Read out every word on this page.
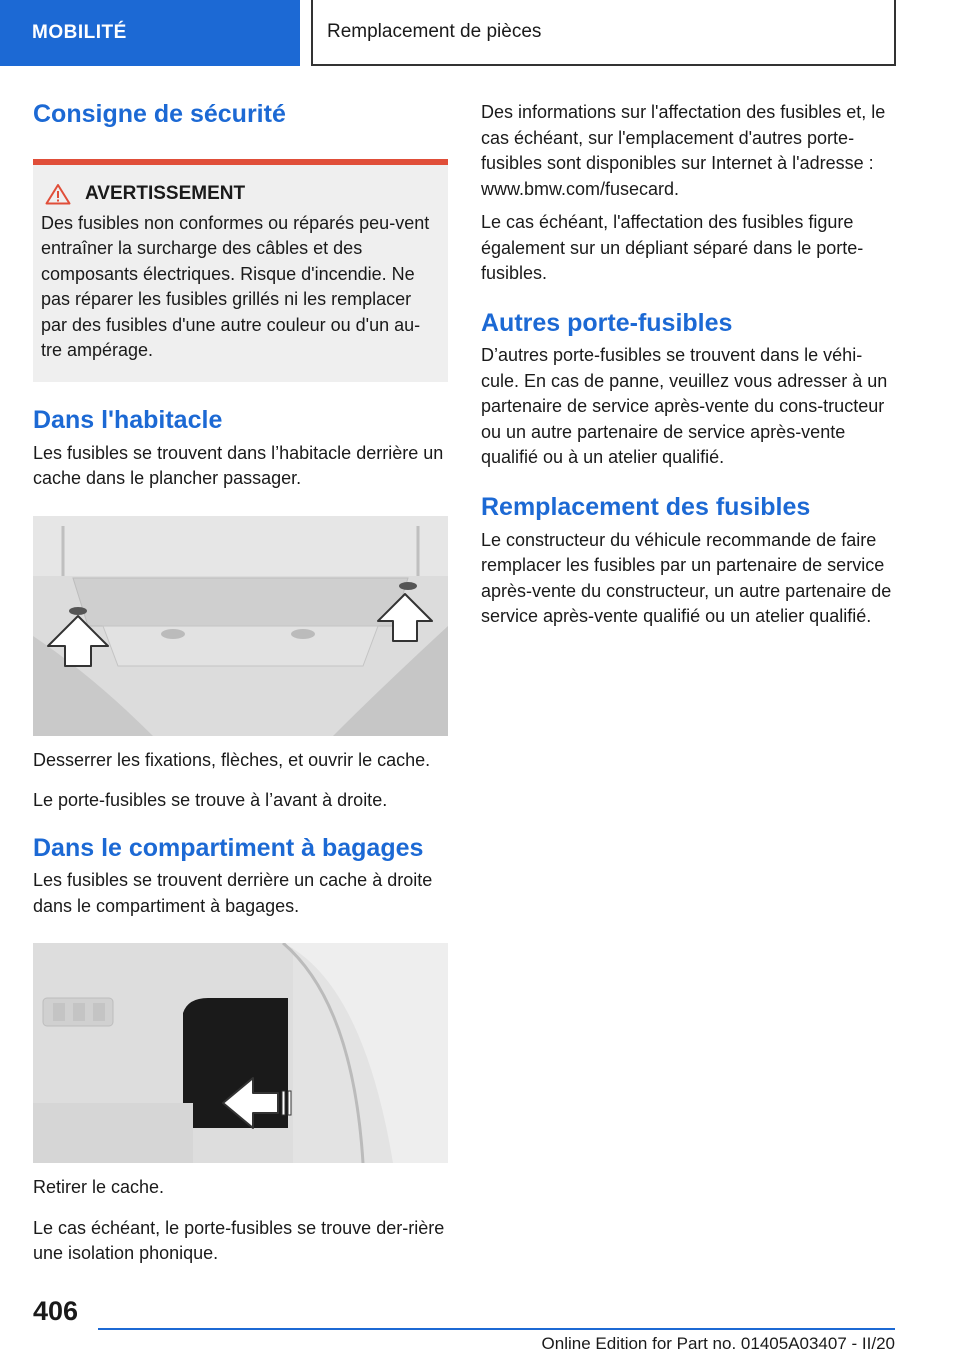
MOBILITÉ	Remplacement de pièces
Consigne de sécurité
AVERTISSEMENT

Des fusibles non conformes ou réparés peu-vent entraîner la surcharge des câbles et des composants électriques. Risque d'incendie. Ne pas réparer les fusibles grillés ni les remplacer par des fusibles d'une autre couleur ou d'un au-tre ampérage.

Dans l'habitacle

Les fusibles se trouvent dans l’habitacle derrière un cache dans le plancher passager.

Desserrer les fixations, flèches, et ouvrir le cache.

Le porte-fusibles se trouve à l’avant à droite.

Dans le compartiment à bagages

Les fusibles se trouvent derrière un cache à droite dans le compartiment à bagages.

Retirer le cache.

Le cas échéant, le porte-fusibles se trouve der-rière une isolation phonique.

Des informations sur l'affectation des fusibles et, le cas échéant, sur l'emplacement d'autres porte-fusibles sont disponibles sur Internet à l'adresse : www.bmw.com/fusecard.

Le cas échéant, l'affectation des fusibles figure également sur un dépliant séparé dans le porte-fusibles.

Autres porte-fusibles

D’autres porte-fusibles se trouvent dans le véhi-cule. En cas de panne, veuillez vous adresser à un partenaire de service après-vente du cons-tructeur ou un autre partenaire de service après-vente qualifié ou à un atelier qualifié.

Remplacement des fusibles

Le constructeur du véhicule recommande de faire remplacer les fusibles par un partenaire de service après-vente du constructeur, un autre partenaire de service après-vente qualifié ou un atelier qualifié.

406
Online Edition for Part no. 01405A03407 - II/20
